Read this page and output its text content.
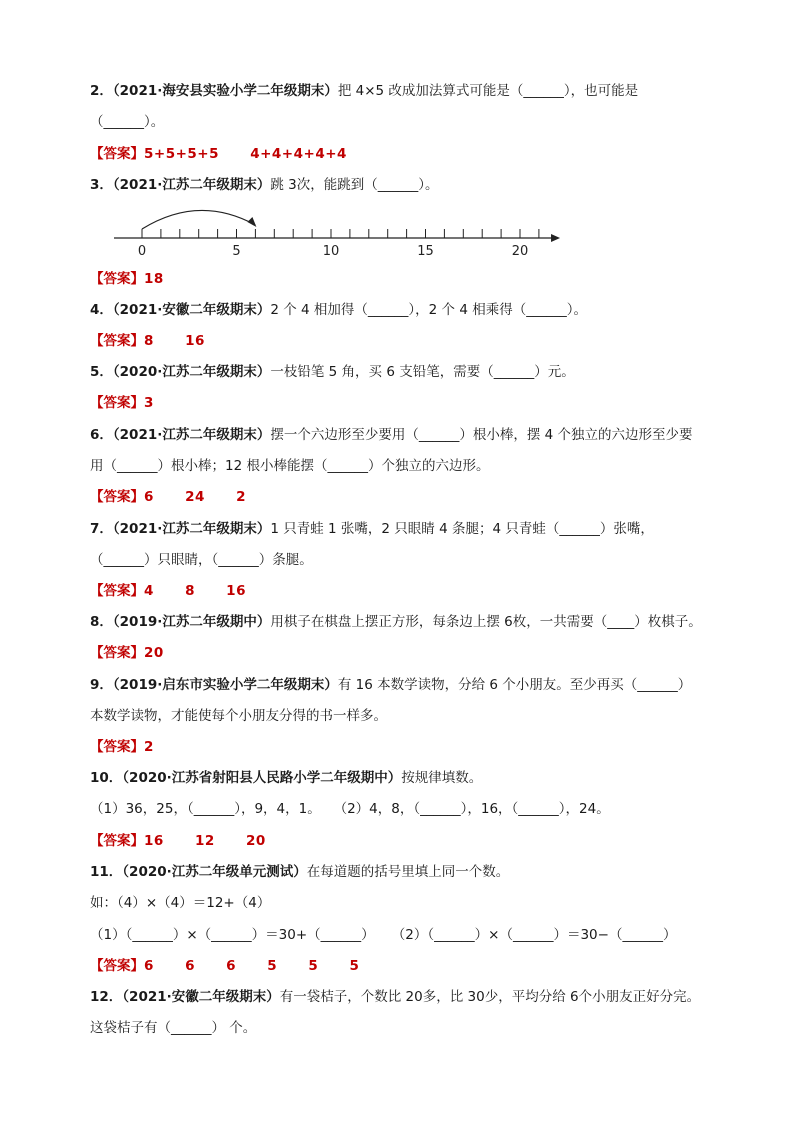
2．（2021·海安县实验小学二年级期末）把 4×5 改成加法算式可能是（______），也可能是
（______）。
【答案】5+5+5+5      4+4+4+4+4
3．（2021·江苏二年级期末）跳 3次，能跳到（______）。
0	5	10	15	20
【答案】18
4．（2021·安徽二年级期末）2 个 4 相加得（______），2 个 4 相乘得（______）。
【答案】8      16
5．（2020·江苏二年级期末）一枝铅笔 5 角，买 6 支铅笔，需要（______）元。
【答案】3
6．（2021·江苏二年级期末）摆一个六边形至少要用（______）根小棒，摆 4 个独立的六边形至少要
用（______）根小棒；12 根小棒能摆（______）个独立的六边形。
【答案】6      24      2
7．（2021·江苏二年级期末）1 只青蛙 1 张嘴，2 只眼睛 4 条腿；4 只青蛙（______）张嘴，
（______）只眼睛，（______）条腿。
【答案】4      8      16
8．（2019·江苏二年级期中）用棋子在棋盘上摆正方形，每条边上摆 6枚，一共需要（____）枚棋子。
【答案】20
9．（2019·启东市实验小学二年级期末）有 16 本数学读物，分给 6 个小朋友。至少再买（______）
本数学读物，才能使每个小朋友分得的书一样多。
【答案】2
10．（2020·江苏省射阳县人民路小学二年级期中）按规律填数。
（1）36，25，（______），9，4，1。   （2）4，8，（______），16，（______），24。
【答案】16      12      20
11．（2020·江苏二年级单元测试）在每道题的括号里填上同一个数。
如：（4）×（4）＝12+（4）
（1）（______）×（______）＝30+（______）    （2）（______）×（______）＝30−（______）
【答案】6      6      6      5      5      5
12．（2021·安徽二年级期末）有一袋桔子，个数比 20多，比 30少，平均分给 6个小朋友正好分完。
这袋桔子有（______） 个。
